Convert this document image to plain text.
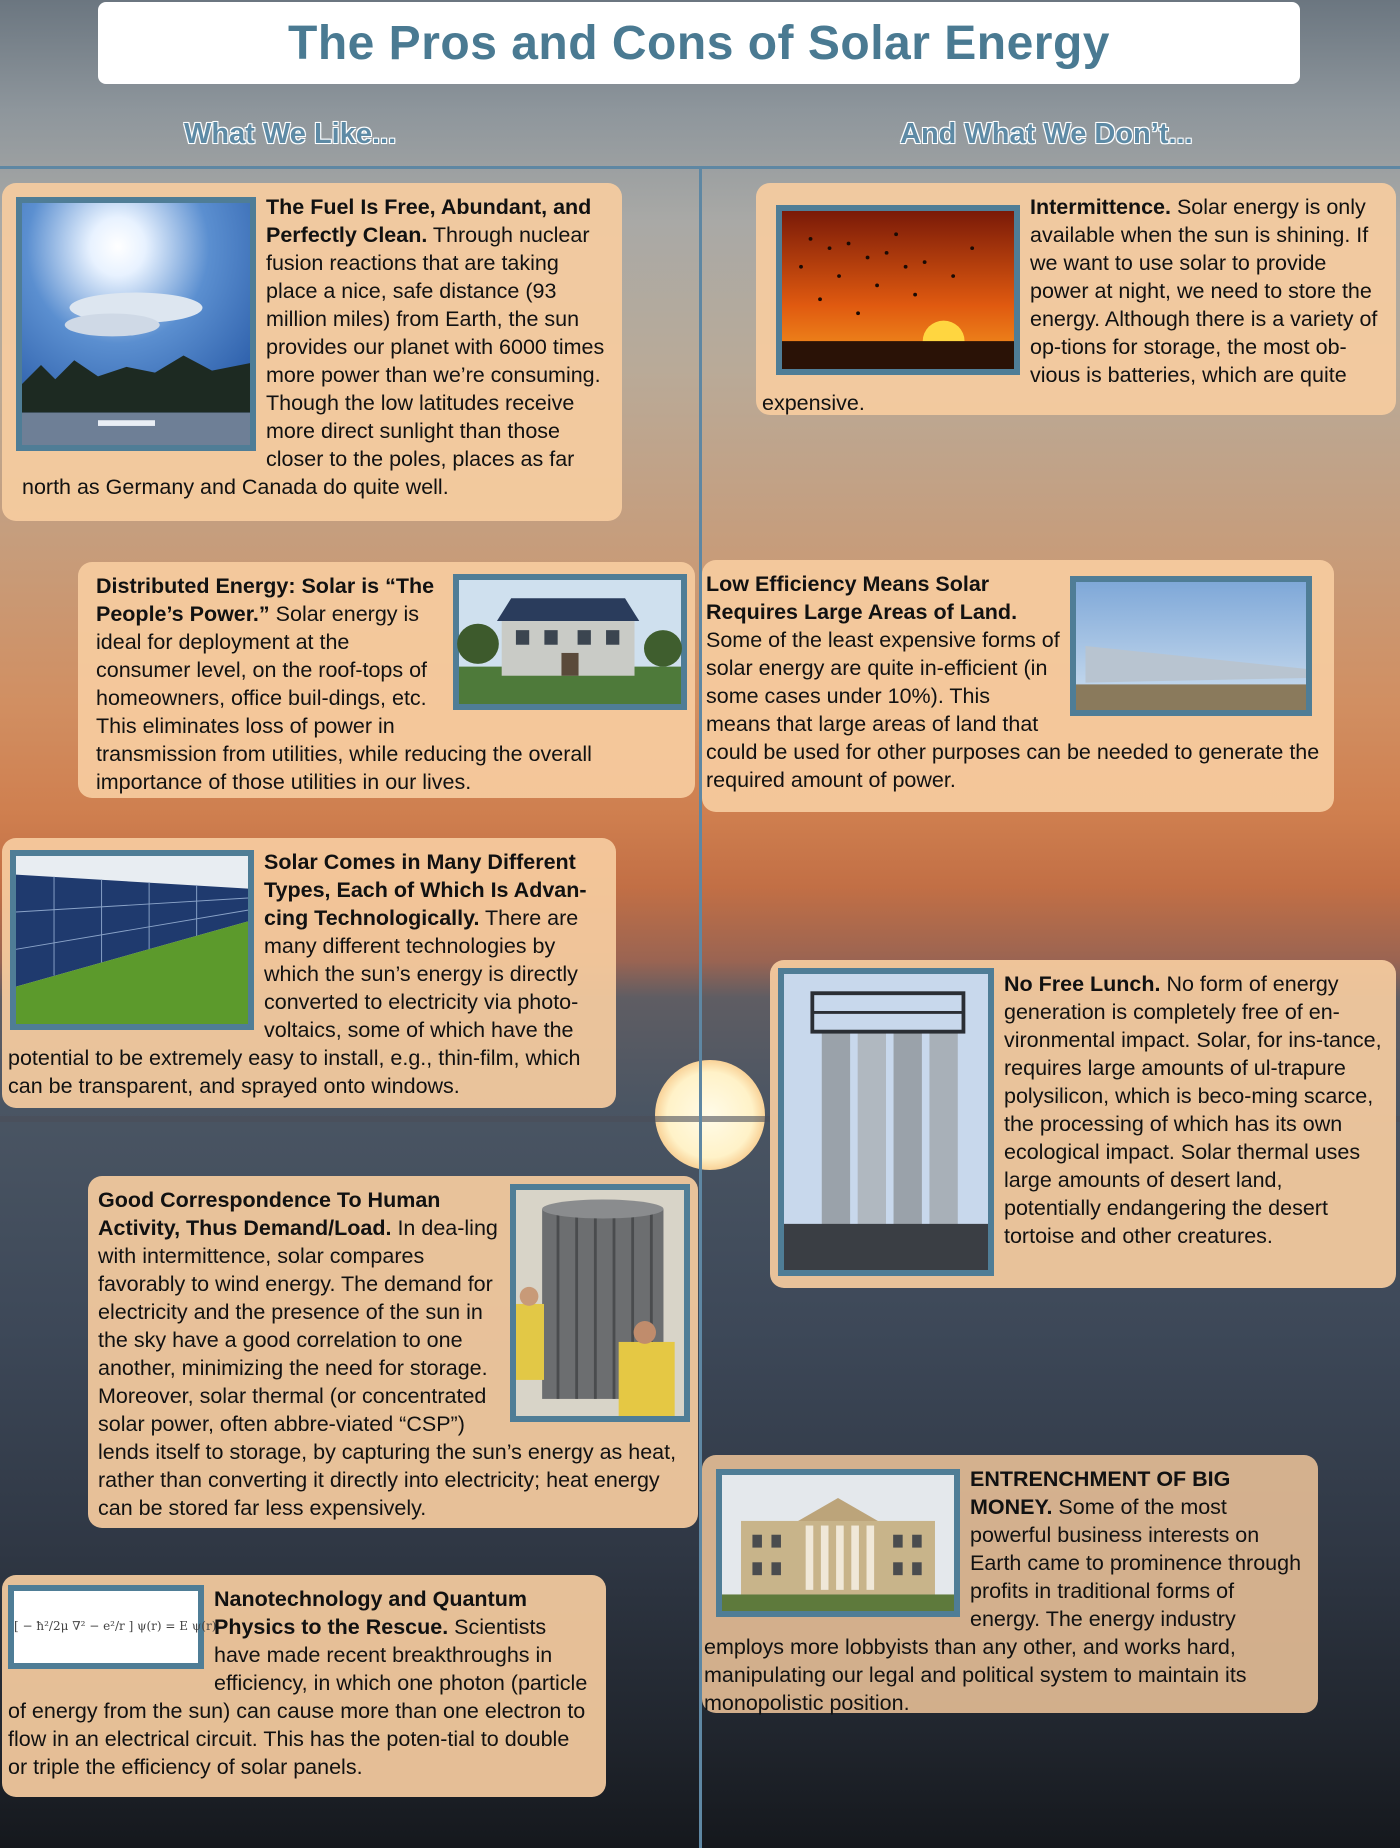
The Pros and Cons of Solar Energy
What We Like...	And What We Don’t...
The Fuel Is Free, Abundant, and Perfectly Clean. Through nuclear fusion reactions that are taking place a nice, safe distance (93 million miles) from Earth, the sun provides our planet with 6000 times more power than we’re consuming. Though the low latitudes receive more direct sunlight than those closer to the poles, places as far north as Germany and Canada do quite well.
Distributed Energy: Solar is “The People’s Power.” Solar energy is ideal for deployment at the consumer level, on the roof-tops of homeowners, office buil-dings, etc. This eliminates loss of power in transmission from utilities, while reducing the overall importance of those utilities in our lives.
Solar Comes in Many Different Types, Each of Which Is Advan-cing Technologically. There are many different technologies by which the sun’s energy is directly converted to electricity via photo-voltaics, some of which have the potential to be extremely easy to install, e.g., thin-film, which can be transparent, and sprayed onto windows.
Good Correspondence To Human Activity, Thus Demand/Load. In dea-ling with intermittence, solar compares favorably to wind energy. The demand for electricity and the presence of the sun in the sky have a good correlation to one another, minimizing the need for storage. Moreover, solar thermal (or concentrated solar power, often abbre-viated “CSP”) lends itself to storage, by capturing the sun’s energy as heat, rather than converting it directly into electricity; heat energy can be stored far less expensively.
[ − ħ²/2μ ∇² − e²/r ] ψ(r) = E ψ(r)
Nanotechnology and Quantum Physics to the Rescue. Scientists have made recent breakthroughs in efficiency, in which one photon (particle of energy from the sun) can cause more than one electron to flow in an electrical circuit. This has the poten-tial to double or triple the efficiency of solar panels.
Intermittence. Solar energy is only available when the sun is shining. If we want to use solar to provide power at night, we need to store the energy. Although there is a variety of op-tions for storage, the most ob-vious is batteries, which are quite expensive.
Low Efficiency Means Solar Requires Large Areas of Land. Some of the least expensive forms of solar energy are quite in-efficient (in some cases under 10%). This means that large areas of land that could be used for other purposes can be needed to generate the required amount of power.
No Free Lunch. No form of energy generation is completely free of en-vironmental impact. Solar, for ins-tance, requires large amounts of ul-trapure polysilicon, which is beco-ming scarce, the processing of which has its own ecological impact. Solar thermal uses large amounts of desert land, potentially endangering the desert tortoise and other creatures.
ENTRENCHMENT OF BIG MONEY. Some of the most powerful business interests on Earth came to prominence through profits in traditional forms of energy. The energy industry employs more lobbyists than any other, and works hard, manipulating our legal and political system to maintain its monopolistic position.
